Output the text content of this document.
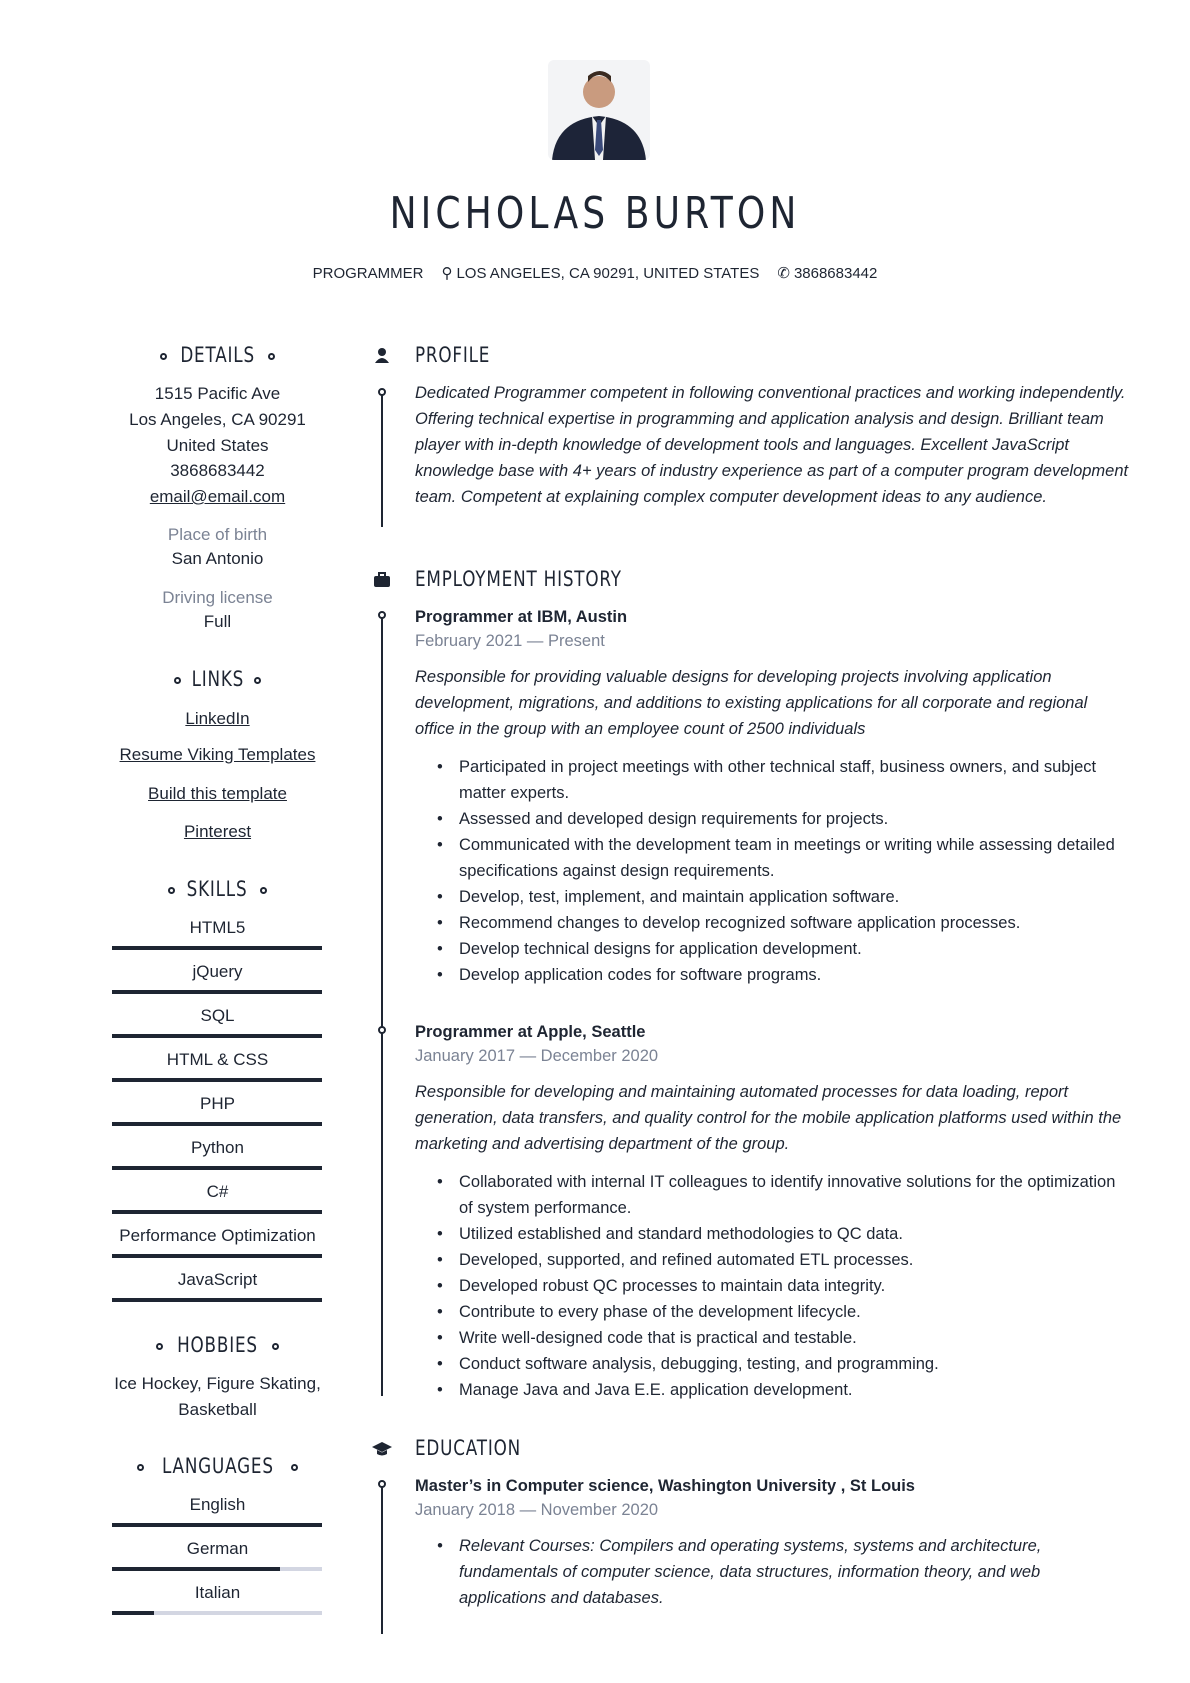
NICHOLAS BURTON
PROGRAMMER ⚲ LOS ANGELES, CA 90291, UNITED STATES ✆ 3868683442
DETAILS
1515 Pacific Ave
Los Angeles, CA 90291
United States
3868683442
email@email.com
Place of birth
San Antonio
Driving license
Full
LINKS
LinkedIn
Resume Viking Templates
Build this template
Pinterest
SKILLS
HTML5
jQuery
SQL
HTML & CSS
PHP
Python
C#
Performance Optimization
JavaScript
HOBBIES
Ice Hockey, Figure Skating,
Basketball
LANGUAGES
English
German
Italian
PROFILE
Dedicated Programmer competent in following conventional practices and working independently. Offering technical expertise in programming and application analysis and design. Brilliant team player with in-depth knowledge of development tools and languages. Excellent JavaScript knowledge base with 4+ years of industry experience as part of a computer program development team. Competent at explaining complex computer development ideas to any audience.
EMPLOYMENT HISTORY
Programmer at IBM, Austin
February 2021 — Present
Responsible for providing valuable designs for developing projects involving application development, migrations, and additions to existing applications for all corporate and regional office in the group with an employee count of 2500 individuals
• Participated in project meetings with other technical staff, business owners, and subject matter experts.
• Assessed and developed design requirements for projects.
• Communicated with the development team in meetings or writing while assessing detailed specifications against design requirements.
• Develop, test, implement, and maintain application software.
• Recommend changes to develop recognized software application processes.
• Develop technical designs for application development.
• Develop application codes for software programs.
Programmer at Apple, Seattle
January 2017 — December 2020
Responsible for developing and maintaining automated processes for data loading, report generation, data transfers, and quality control for the mobile application platforms used within the marketing and advertising department of the group.
• Collaborated with internal IT colleagues to identify innovative solutions for the optimization of system performance.
• Utilized established and standard methodologies to QC data.
• Developed, supported, and refined automated ETL processes.
• Developed robust QC processes to maintain data integrity.
• Contribute to every phase of the development lifecycle.
• Write well-designed code that is practical and testable.
• Conduct software analysis, debugging, testing, and programming.
• Manage Java and Java E.E. application development.
EDUCATION
Master’s in Computer science, Washington University , St Louis
January 2018 — November 2020
• Relevant Courses: Compilers and operating systems, systems and architecture, fundamentals of computer science, data structures, information theory, and web applications and databases.
